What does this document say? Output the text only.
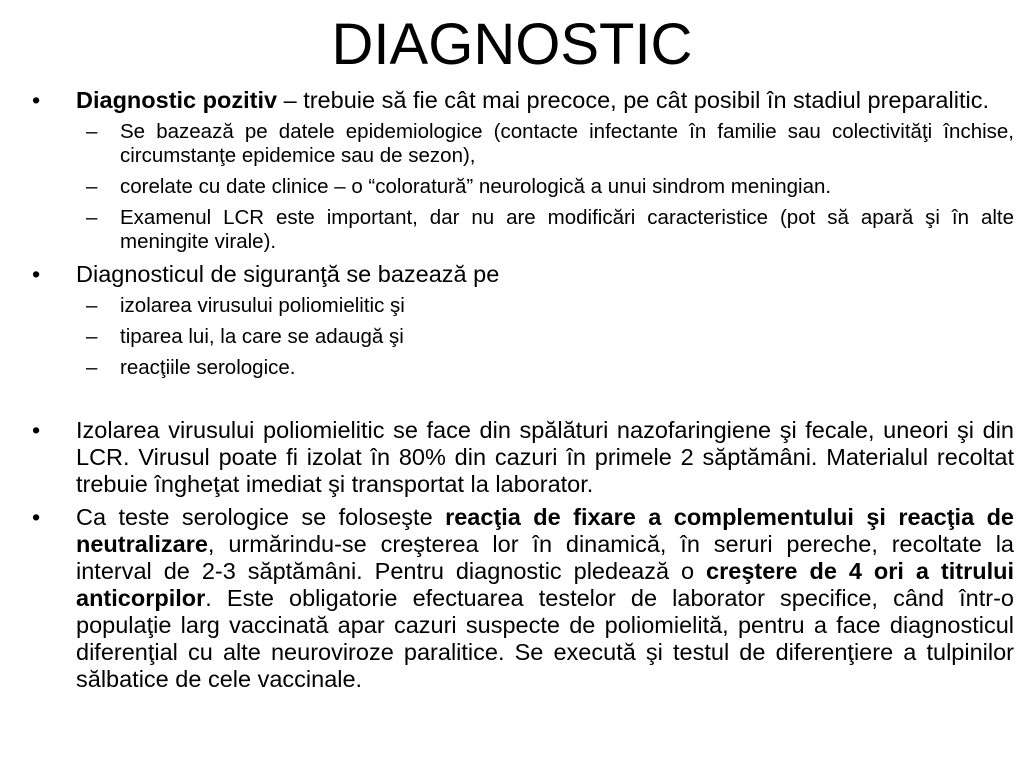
DIAGNOSTIC
• Diagnostic pozitiv – trebuie să fie cât mai precoce, pe cât posibil în stadiul preparalitic.
– Se bazează pe datele epidemiologice (contacte infectante în familie sau colectivităţi închise, circumstanţe epidemice sau de sezon),
– corelate cu date clinice – o “coloratură” neurologică a unui sindrom meningian.
– Examenul LCR este important, dar nu are modificări caracteristice (pot să apară şi în alte meningite virale).
• Diagnosticul de siguranţă se bazează pe
– izolarea virusului poliomielitic şi
– tiparea lui, la care se adaugă şi
– reacţiile serologice.
• Izolarea virusului poliomielitic se face din spălături nazofaringiene şi fecale, uneori şi din LCR. Virusul poate fi izolat în 80% din cazuri în primele 2 săptămâni. Materialul recoltat trebuie îngheţat imediat şi transportat la laborator.
• Ca teste serologice se foloseşte reacţia de fixare a complementului şi reacţia de neutralizare, urmărindu-se creşterea lor în dinamică, în seruri pereche, recoltate la interval de 2-3 săptămâni. Pentru diagnostic pledează o creştere de 4 ori a titrului anticorpilor. Este obligatorie efectuarea testelor de laborator specifice, când într-o populaţie larg vaccinată apar cazuri suspecte de poliomielită, pentru a face diagnosticul diferenţial cu alte neuroviroze paralitice. Se execută şi testul de diferenţiere a tulpinilor sălbatice de cele vaccinale.
